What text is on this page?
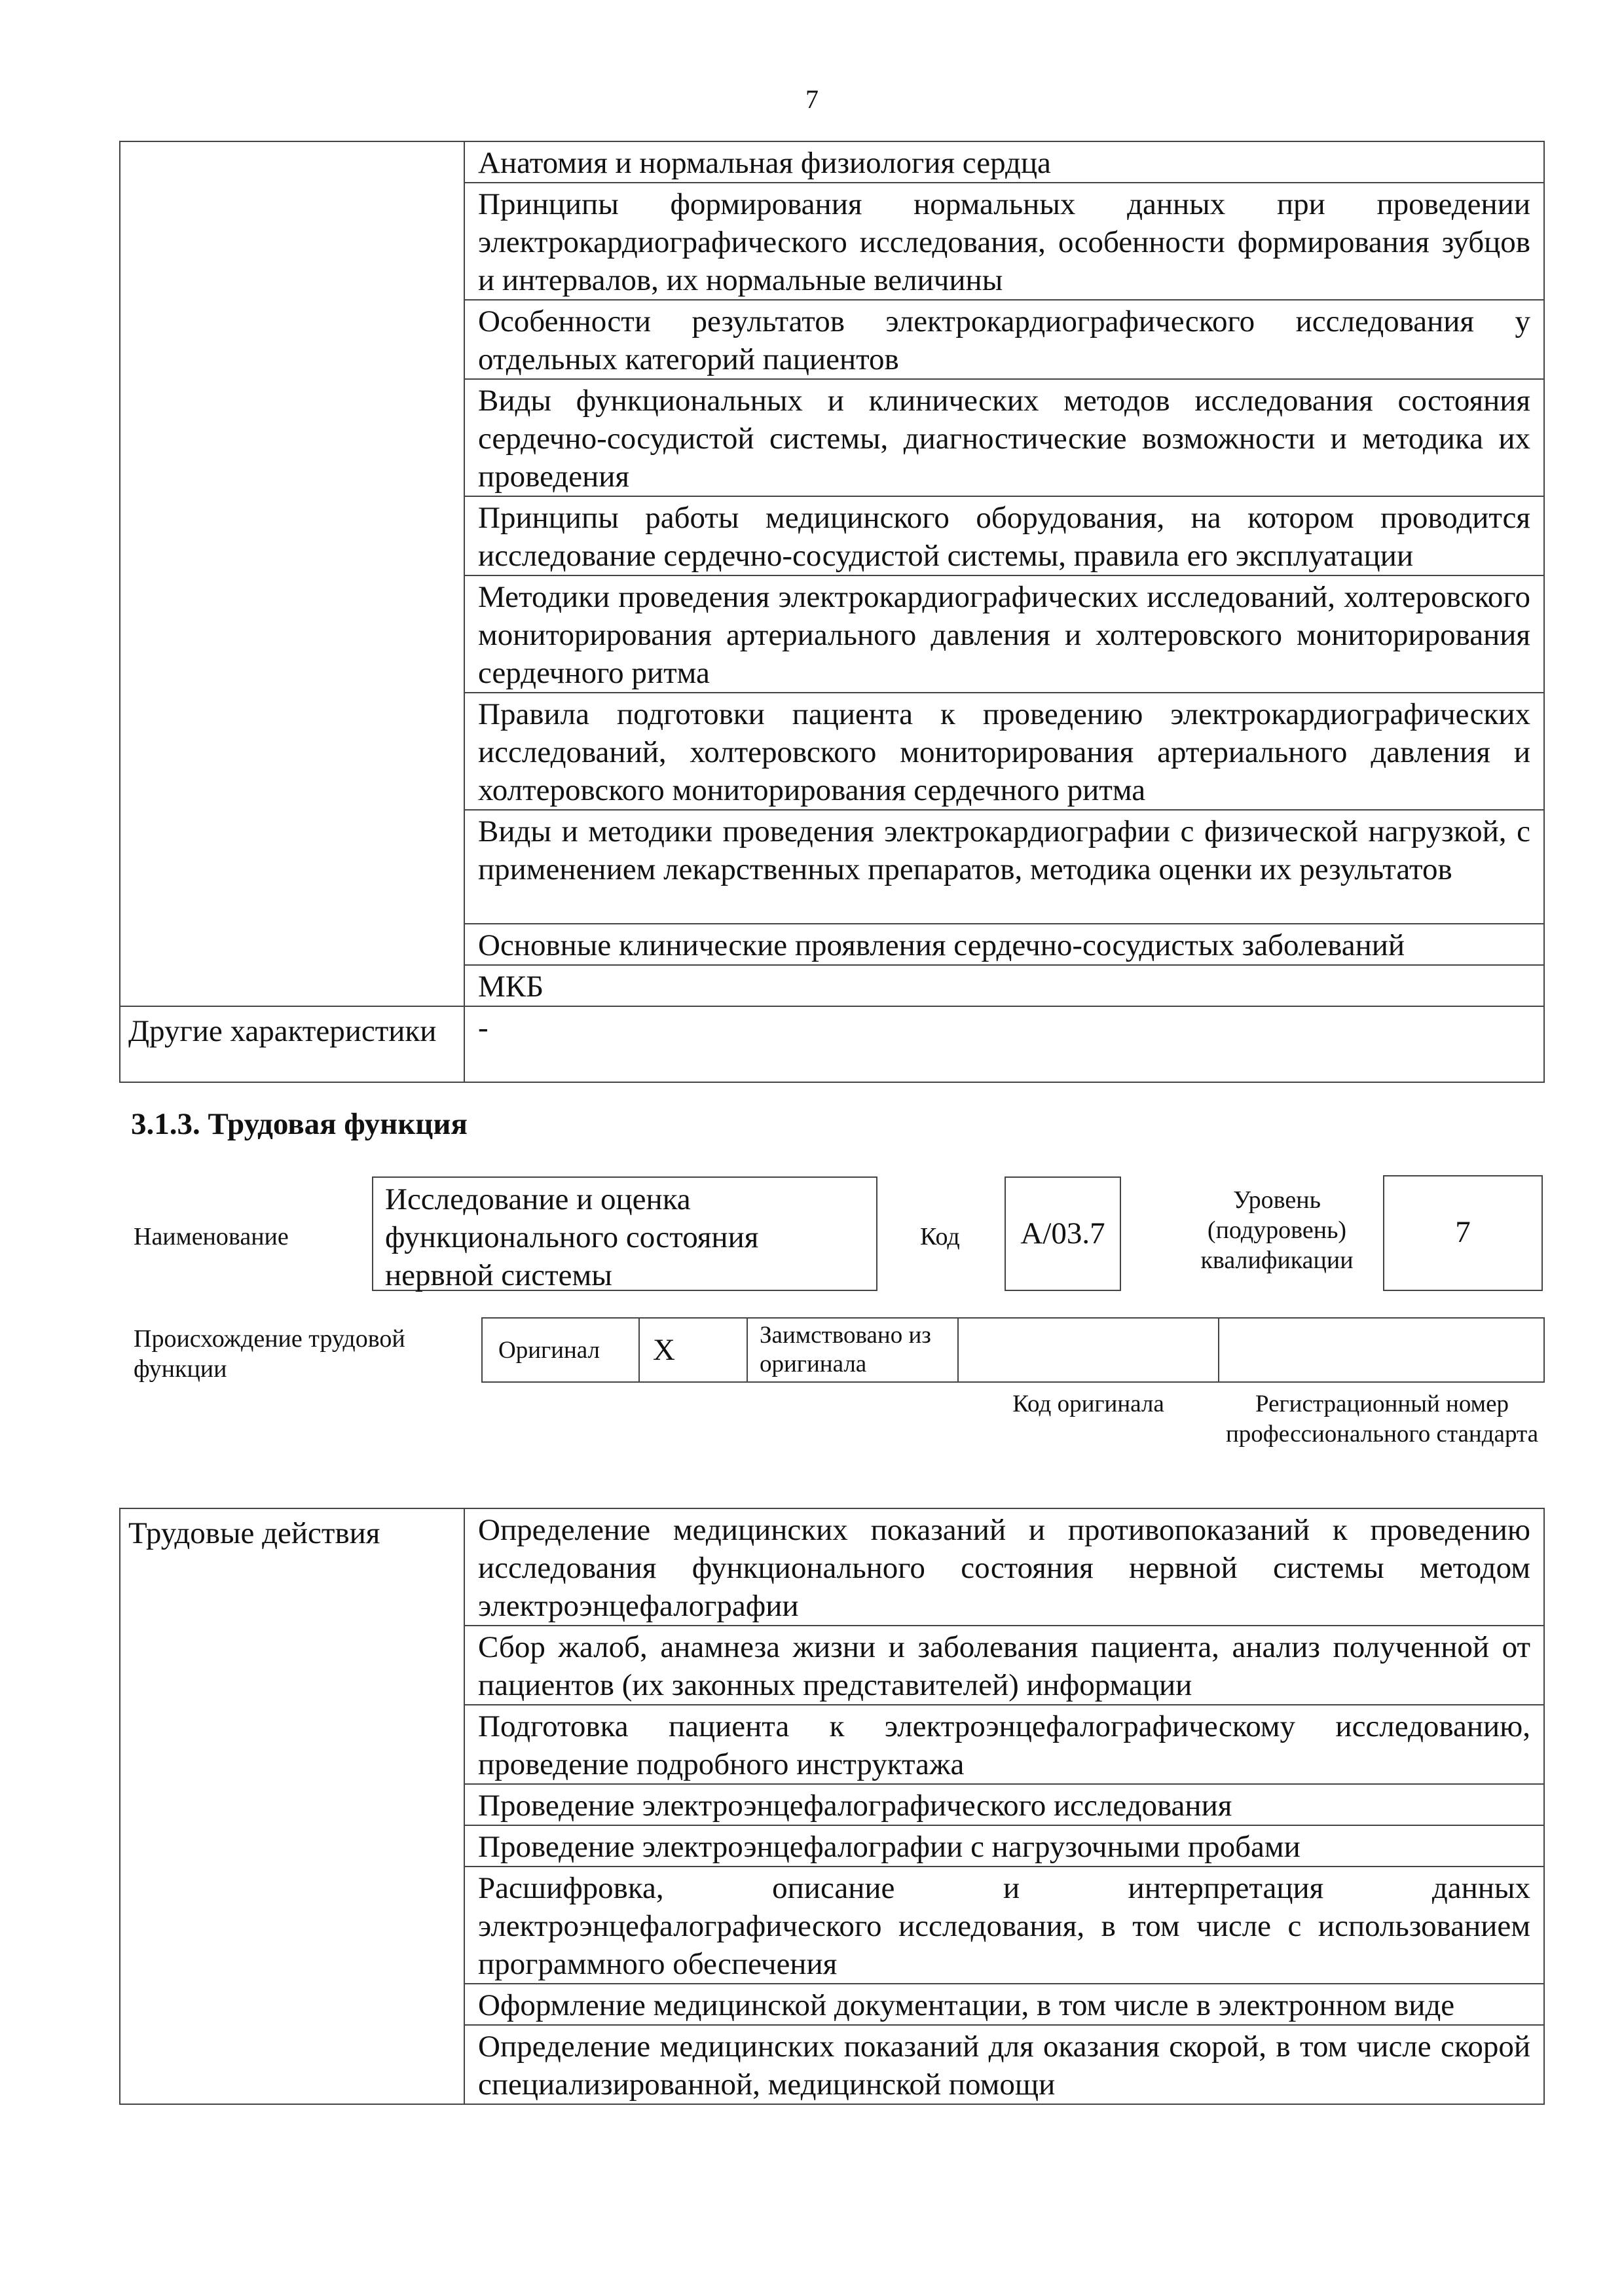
7

	Анатомия и нормальная физиология сердца

	Принципы формирования нормальных данных при проведении электрокардиографического исследования, особенности формирования зубцов и интервалов, их нормальные величины

	Особенности результатов электрокардиографического исследования у отдельных категорий пациентов

	Виды функциональных и клинических методов исследования состояния сердечно-сосудистой системы, диагностические возможности и методика их проведения

	Принципы работы медицинского оборудования, на котором проводится исследование сердечно-сосудистой системы, правила его эксплуатации

	Методики проведения электрокардиографических исследований, холтеровского мониторирования артериального давления и холтеровского мониторирования сердечного ритма

	Правила подготовки пациента к проведению электрокардиографических исследований, холтеровского мониторирования артериального давления и холтеровского мониторирования сердечного ритма

	Виды и методики проведения электрокардиографии с физической нагрузкой, с применением лекарственных препаратов, методика оценки их результатов

	Основные клинические проявления сердечно-сосудистых заболеваний

	МКБ

Другие характеристики	-
3.1.3. Трудовая функция
Наименование
Исследование и оценка функционального состояния нервной системы
Код	А/03.7
Уровень (подуровень) квалификации
7
Происхождение трудовой функции
Оригинал	Х	Заимствовано из оригинала		
Код оригинала	Регистрационный номер профессионального стандарта
Трудовые действия	Определение медицинских показаний и противопоказаний к проведению исследования функционального состояния нервной системы методом электроэнцефалографии

Сбор жалоб, анамнеза жизни и заболевания пациента, анализ полученной от пациентов (их законных представителей) информации

Подготовка пациента к электроэнцефалографическому исследованию, проведение подробного инструктажа

Проведение электроэнцефалографического исследования

Проведение электроэнцефалографии с нагрузочными пробами

Расшифровка, описание и интерпретация данных электроэнцефалографического исследования, в том числе с использованием программного обеспечения

Оформление медицинской документации, в том числе в электронном виде

Определение медицинских показаний для оказания скорой, в том числе скорой специализированной, медицинской помощи
